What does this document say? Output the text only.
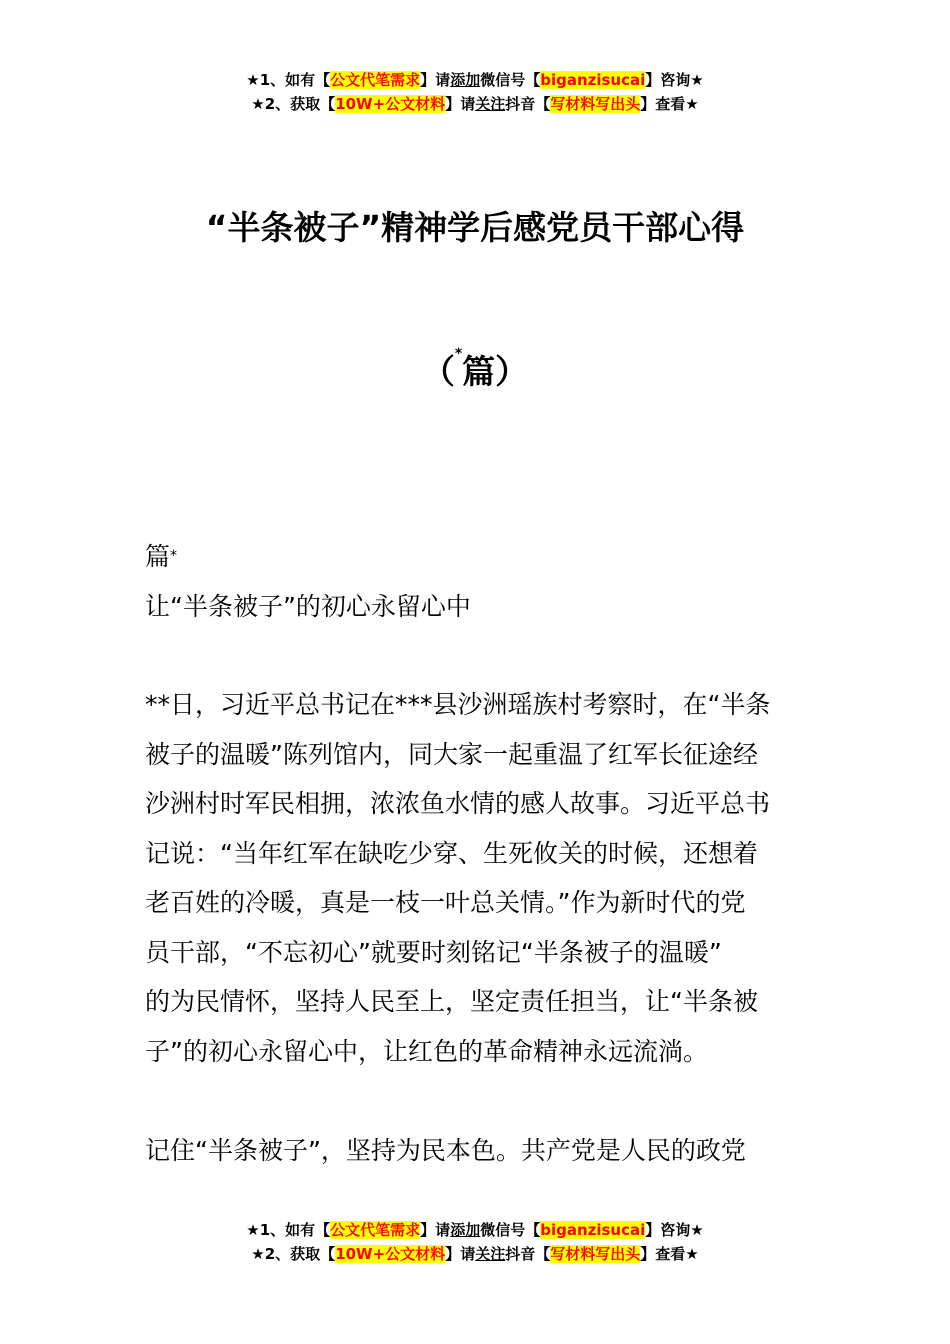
★1、如有【公文代笔需求】请添加微信号【biganzisucai】咨询★
★2、获取【10W+公文材料】请关注抖音【写材料写出头】查看★
“半条被子”精神学后感党员干部心得
（*篇）

篇*

让“半条被子”的初心永留心中

**日，习近平总书记在***县沙洲瑶族村考察时，在“半条

被子的温暖”陈列馆内，同大家一起重温了红军长征途经

沙洲村时军民相拥，浓浓鱼水情的感人故事。习近平总书

记说：“当年红军在缺吃少穿、生死攸关的时候，还想着

老百姓的冷暖，真是一枝一叶总关情。”作为新时代的党

员干部，“不忘初心”就要时刻铭记“半条被子的温暖”

的为民情怀，坚持人民至上，坚定责任担当，让“半条被

子”的初心永留心中，让红色的革命精神永远流淌。

记住“半条被子”，坚持为民本色。共产党是人民的政党

★1、如有【公文代笔需求】请添加微信号【biganzisucai】咨询★
★2、获取【10W+公文材料】请关注抖音【写材料写出头】查看★
